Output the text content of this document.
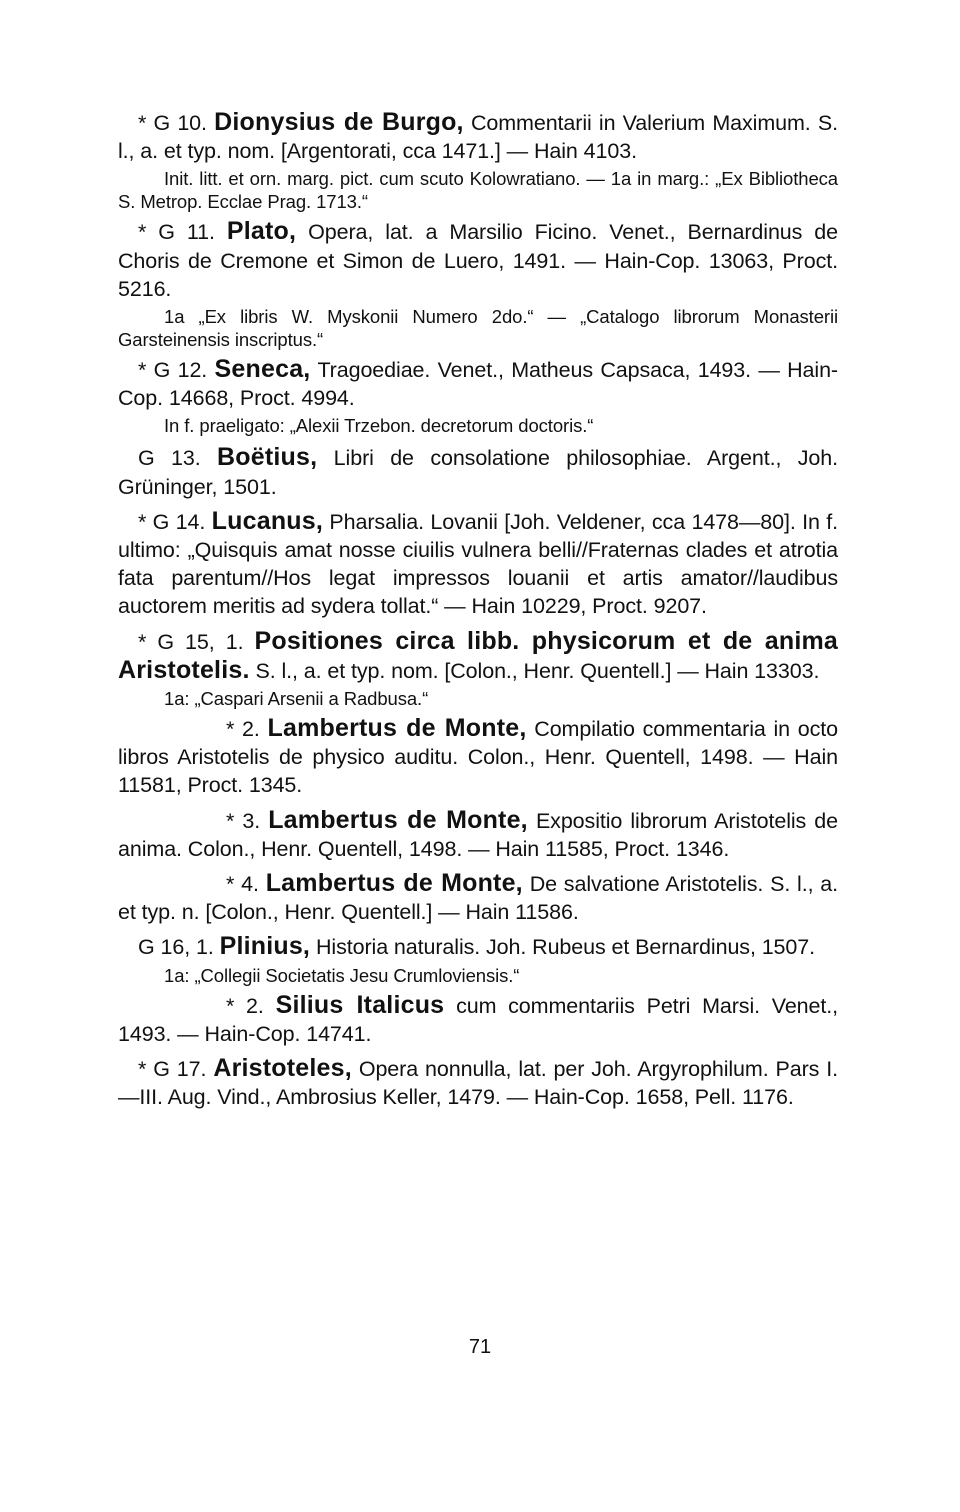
* G 10. Dionysius de Burgo, Commentarii in Valerium Maximum. S. l., a. et typ. nom. [Argentorati, cca 1471.] — Hain 4103.

Init. litt. et orn. marg. pict. cum scuto Kolowratiano. — 1a in marg.: „Ex Bibliotheca S. Metrop. Ecclae Prag. 1713.“

* G 11. Plato, Opera, lat. a Marsilio Ficino. Venet., Bernardinus de Choris de Cremone et Simon de Luero, 1491. — Hain-Cop. 13063, Proct. 5216.

1a „Ex libris W. Myskonii Numero 2do.“ — „Catalogo librorum Monasterii Garsteinensis inscriptus.“

* G 12. Seneca, Tragoediae. Venet., Matheus Capsaca, 1493. — Hain-Cop. 14668, Proct. 4994.

In f. praeligato: „Alexii Trzebon. decretorum doctoris.“

G 13. Boëtius, Libri de consolatione philosophiae. Argent., Joh. Grüninger, 1501.

* G 14. Lucanus, Pharsalia. Lovanii [Joh. Veldener, cca 1478—80]. In f. ultimo: „Quisquis amat nosse ciuilis vulnera belli//Fraternas clades et atrotia fata parentum//Hos legat impressos louanii et artis amator//laudibus auctorem meritis ad sydera tollat.“ — Hain 10229, Proct. 9207.

* G 15, 1. Positiones circa libb. physicorum et de anima Aristotelis. S. l., a. et typ. nom. [Colon., Henr. Quentell.] — Hain 13303.

1a: „Caspari Arsenii a Radbusa.“

* 2. Lambertus de Monte, Compilatio commentaria in octo libros Aristotelis de physico auditu. Colon., Henr. Quentell, 1498. — Hain 11581, Proct. 1345.

* 3. Lambertus de Monte, Expositio librorum Aristotelis de anima. Colon., Henr. Quentell, 1498. — Hain 11585, Proct. 1346.

* 4. Lambertus de Monte, De salvatione Aristotelis. S. l., a. et typ. n. [Colon., Henr. Quentell.] — Hain 11586.

G 16, 1. Plinius, Historia naturalis. Joh. Rubeus et Bernardinus, 1507.

1a: „Collegii Societatis Jesu Crumloviensis.“

* 2. Silius Italicus cum commentariis Petri Marsi. Venet., 1493. — Hain-Cop. 14741.

* G 17. Aristoteles, Opera nonnulla, lat. per Joh. Argyrophilum. Pars I.—III. Aug. Vind., Ambrosius Keller, 1479. — Hain-Cop. 1658, Pell. 1176.

71
